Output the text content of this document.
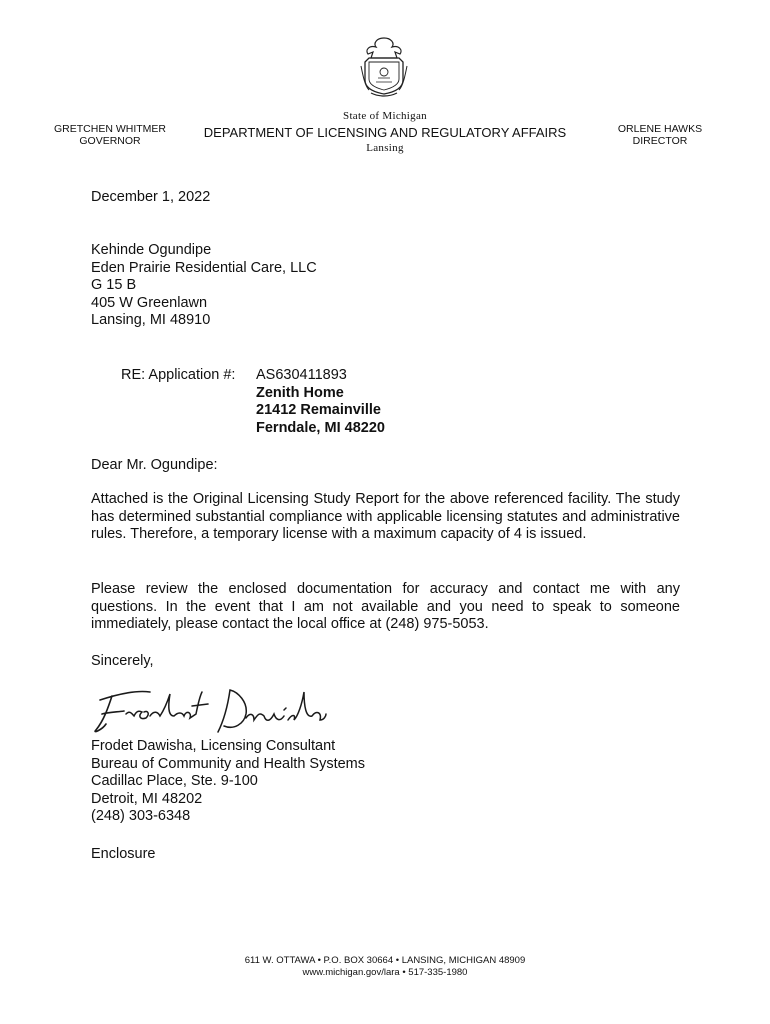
GRETCHEN WHITMER
GOVERNOR
State of Michigan
DEPARTMENT OF LICENSING AND REGULATORY AFFAIRS
Lansing
ORLENE HAWKS
DIRECTOR
December 1, 2022
Kehinde Ogundipe
Eden Prairie Residential Care, LLC
G 15 B
405 W Greenlawn
Lansing, MI 48910
RE: Application #:	AS630411893
Zenith Home
21412 Remainville
Ferndale, MI 48220
Dear Mr. Ogundipe:
Attached is the Original Licensing Study Report for the above referenced facility. The study has determined substantial compliance with applicable licensing statutes and administrative rules. Therefore, a temporary license with a maximum capacity of 4 is issued.
Please review the enclosed documentation for accuracy and contact me with any questions. In the event that I am not available and you need to speak to someone immediately, please contact the local office at (248) 975-5053.
Sincerely,
Frodet Dawisha, Licensing Consultant
Bureau of Community and Health Systems
Cadillac Place, Ste. 9-100
Detroit, MI 48202
(248) 303-6348
Enclosure
611 W. OTTAWA • P.O. BOX 30664 • LANSING, MICHIGAN 48909
www.michigan.gov/lara • 517-335-1980
